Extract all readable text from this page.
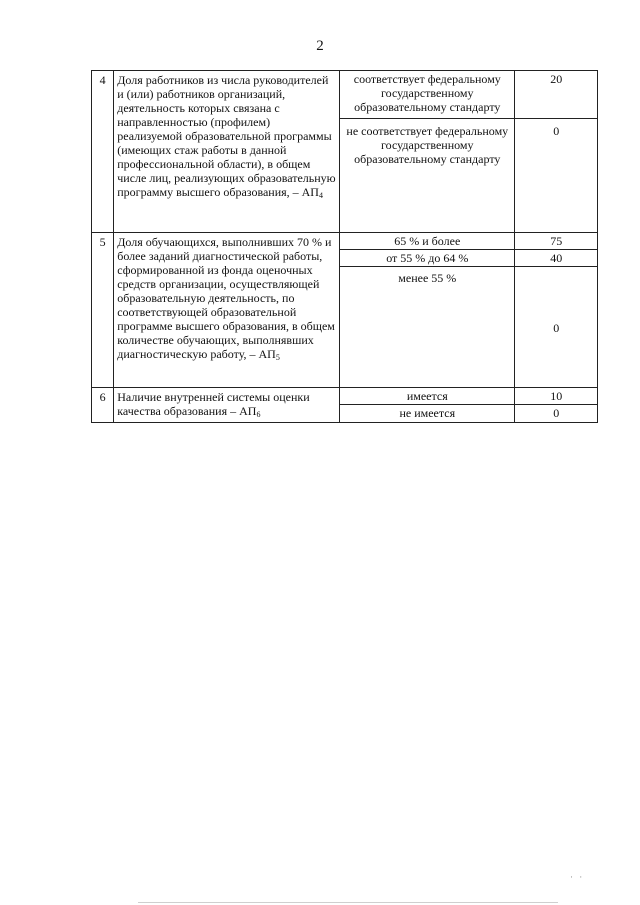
2
4	Доля работников из числа руководителей и (или) работников организаций, деятельность которых связана с направленностью (профилем) реализуемой образовательной программы (имеющих стаж работы в данной профессиональной области), в общем числе лиц, реализующих образовательную программу высшего образования, – $АП_4$	соответствует федеральному государственному образовательному стандарту	20
		не соответствует федеральному государственному образовательному стандарту	0
5	Доля обучающихся, выполнивших 70 % и более заданий диагностической работы, сформированной из фонда оценочных средств организации, осуществляющей образовательную деятельность, по соответствующей образовательной программе высшего образования, в общем количестве обучающих, выполнявших диагностическую работу, – $АП_5$	65 % и более	75
		от 55 % до 64 %	40
		менее 55 %	0
6	Наличие внутренней системы оценки качества образования – $АП_6$	имеется	10
		не имеется	0
· ·
